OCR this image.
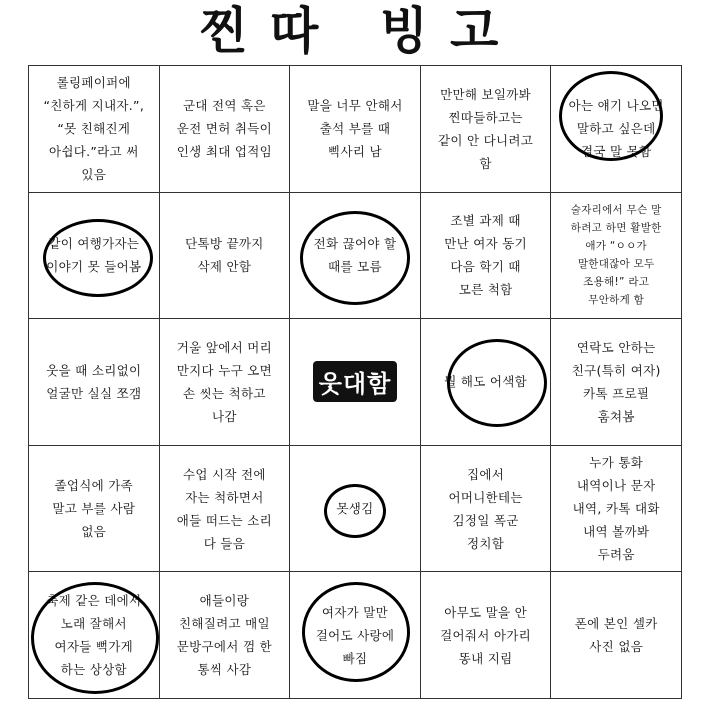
찐따 빙고
롤링페이퍼에
“친하게 지내자.”,
“못 친해진게
아쉽다.”라고 써
있음
군대 전역 혹은
운전 면허 취득이
인생 최대 업적임
말을 너무 안해서
출석 부를 때
삑사리 남
만만해 보일까봐
찐따들하고는
같이 안 다니려고
함
아는 얘기 나오면
말하고 싶은데
결국 말 못함
같이 여행가자는
이야기 못 들어봄
단톡방 끝까지
삭제 안함
전화 끊어야 할
때를 모름
조별 과제 때
만난 여자 동기
다음 학기 때
모른 척함
술자리에서 무슨 말
하려고 하면 활발한
애가 “ㅇㅇ가
말한대잖아 모두
조용해!” 라고
무안하게 함
웃을 때 소리없이
얼굴만 실실 쪼갬
거울 앞에서 머리
만지다 누구 오면
손 씻는 척하고
나감
웃대함	뭘 해도 어색함
연락도 안하는
친구(특히 여자)
카톡 프로필
훔쳐봄
졸업식에 가족
말고 부를 사람
없음
수업 시작 전에
자는 척하면서
애들 떠드는 소리
다 들음
못생김
집에서
어머니한테는
김정일 폭군
정치함
누가 통화
내역이나 문자
내역, 카톡 대화
내역 볼까봐
두려움
축제 같은 데에서
노래 잘해서
여자들 뻑가게
하는 상상함
애들이랑
친해질려고 매일
문방구에서 껌 한
통씩 사감
여자가 말만
걸어도 사랑에
빠짐
아무도 말을 안
걸어줘서 아가리
똥내 지림
폰에 본인 셀카
사진 없음
